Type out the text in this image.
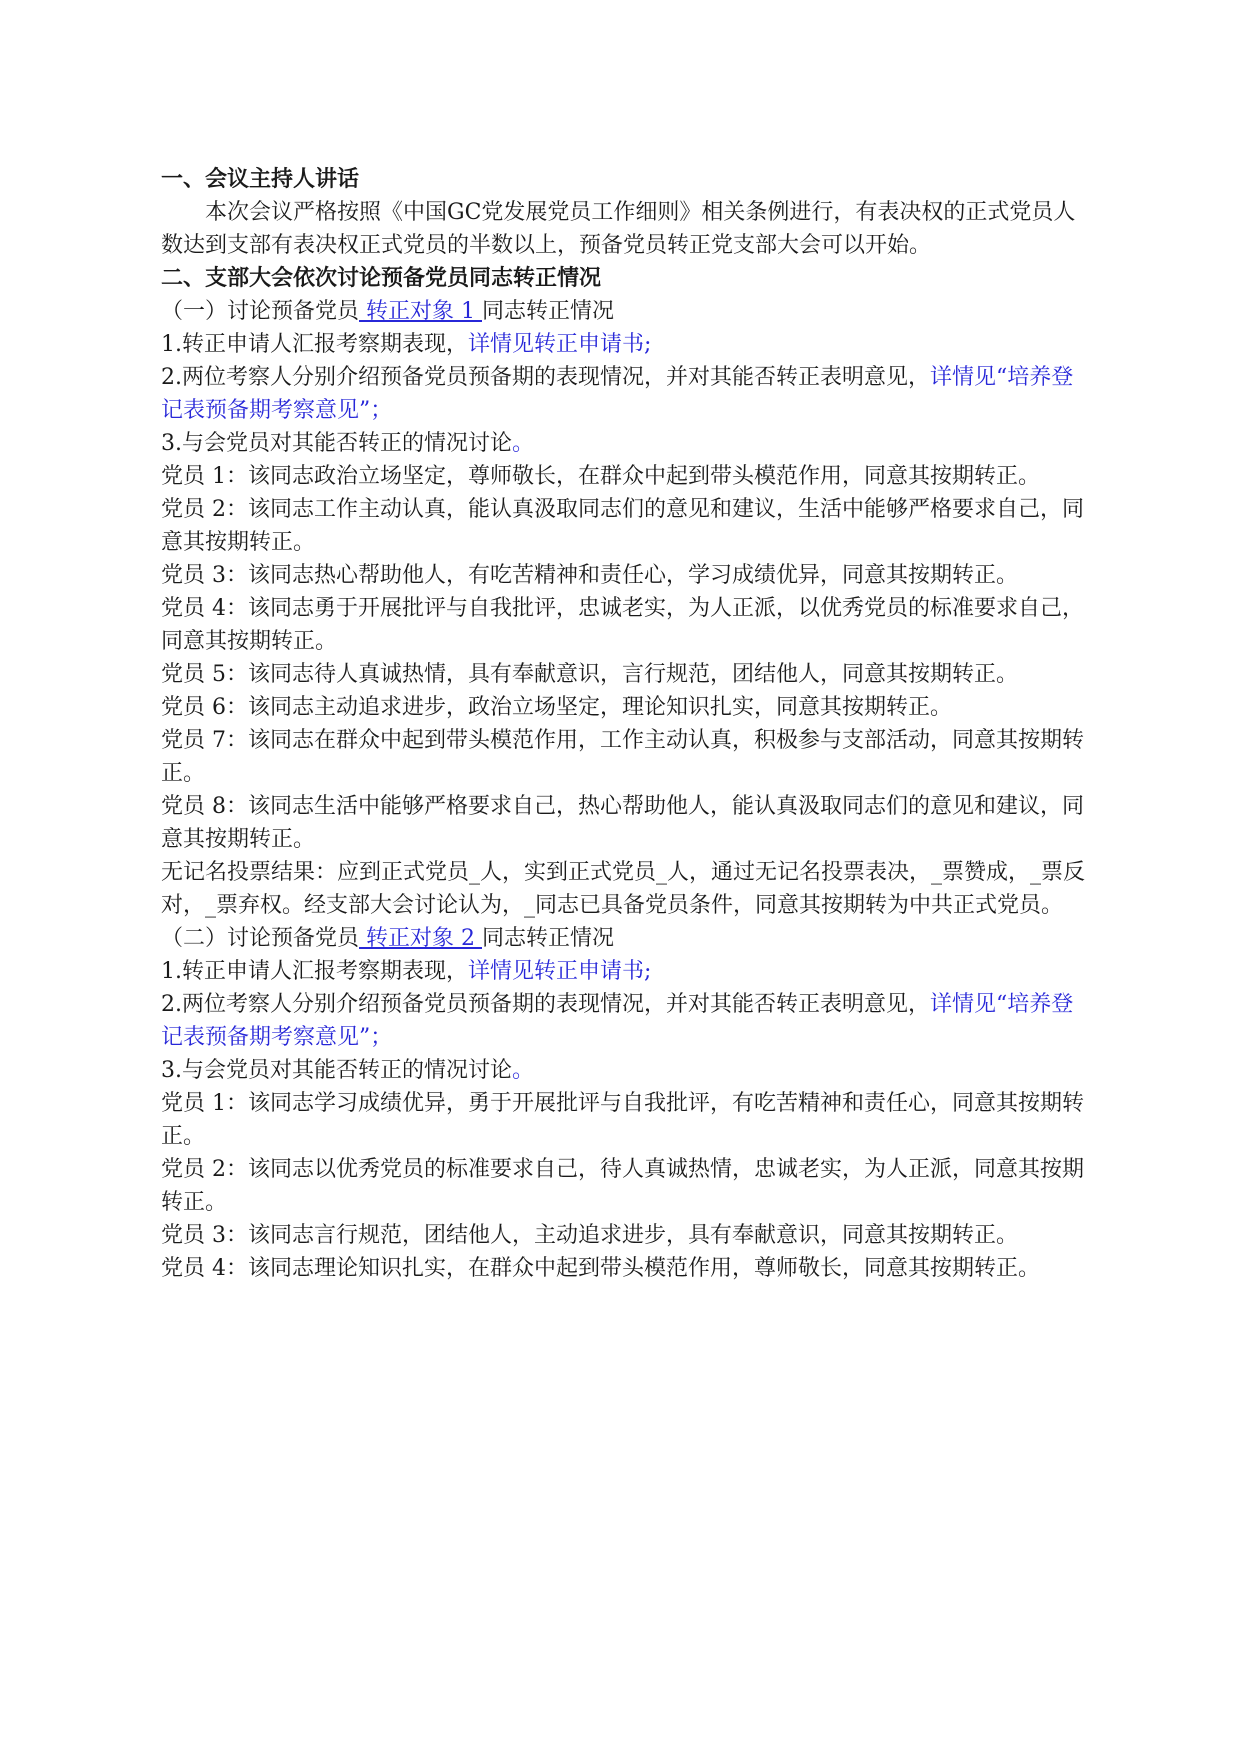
一、会议主持人讲话

本次会议严格按照《中国GC党发展党员工作细则》相关条例进行，有表决权的正式党员人数达到支部有表决权正式党员的半数以上，预备党员转正党支部大会可以开始。

二、支部大会依次讨论预备党员同志转正情况

（一）讨论预备党员 转正对象 1 同志转正情况

1.转正申请人汇报考察期表现，详情见转正申请书;

2.两位考察人分别介绍预备党员预备期的表现情况，并对其能否转正表明意见，详情见“培养登记表预备期考察意见”；

3.与会党员对其能否转正的情况讨论。

党员 1：该同志政治立场坚定，尊师敬长，在群众中起到带头模范作用，同意其按期转正。

党员 2：该同志工作主动认真，能认真汲取同志们的意见和建议，生活中能够严格要求自己，同意其按期转正。

党员 3：该同志热心帮助他人，有吃苦精神和责任心，学习成绩优异，同意其按期转正。

党员 4：该同志勇于开展批评与自我批评，忠诚老实，为人正派，以优秀党员的标准要求自己，同意其按期转正。

党员 5：该同志待人真诚热情，具有奉献意识，言行规范，团结他人，同意其按期转正。

党员 6：该同志主动追求进步，政治立场坚定，理论知识扎实，同意其按期转正。

党员 7：该同志在群众中起到带头模范作用，工作主动认真，积极参与支部活动，同意其按期转正。

党员 8：该同志生活中能够严格要求自己，热心帮助他人，能认真汲取同志们的意见和建议，同意其按期转正。

无记名投票结果：应到正式党员_人，实到正式党员_人，通过无记名投票表决，_票赞成，_票反对，_票弃权。经支部大会讨论认为，_同志已具备党员条件，同意其按期转为中共正式党员。

（二）讨论预备党员 转正对象 2 同志转正情况

1.转正申请人汇报考察期表现，详情见转正申请书;

2.两位考察人分别介绍预备党员预备期的表现情况，并对其能否转正表明意见，详情见“培养登记表预备期考察意见”；

3.与会党员对其能否转正的情况讨论。

党员 1：该同志学习成绩优异，勇于开展批评与自我批评，有吃苦精神和责任心，同意其按期转正。

党员 2：该同志以优秀党员的标准要求自己，待人真诚热情，忠诚老实，为人正派，同意其按期转正。

党员 3：该同志言行规范，团结他人，主动追求进步，具有奉献意识，同意其按期转正。

党员 4：该同志理论知识扎实，在群众中起到带头模范作用，尊师敬长，同意其按期转正。
